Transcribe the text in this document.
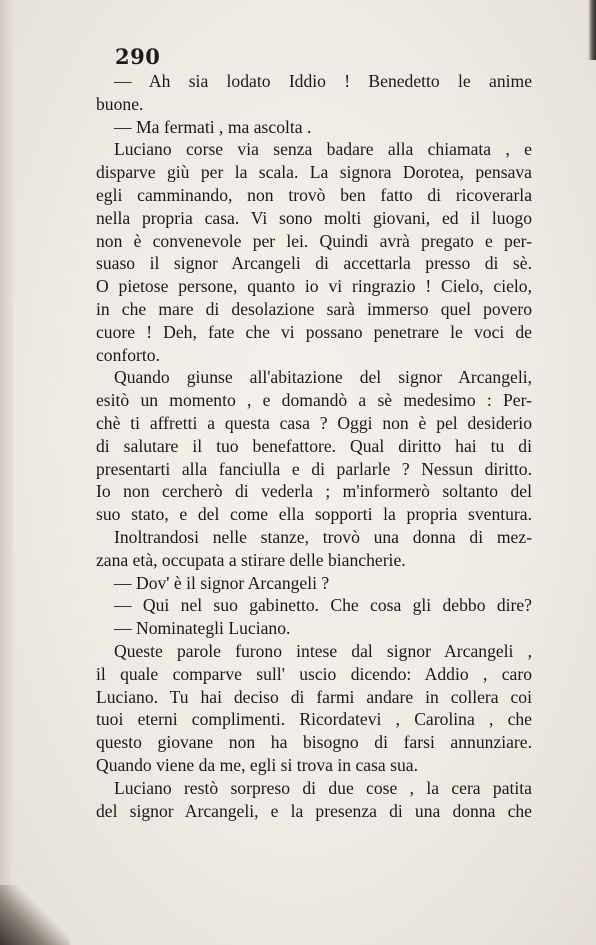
290
— Ah sia lodato Iddio ! Benedetto le anime
buone.
— Ma fermati , ma ascolta .
Luciano corse via senza badare alla chiamata , e
disparve giù per la scala. La signora Dorotea, pensava
egli camminando, non trovò ben fatto di ricoverarla
nella propria casa. Vi sono molti giovani, ed il luogo
non è convenevole per lei. Quindi avrà pregato e per-
suaso il signor Arcangeli di accettarla presso di sè.
O pietose persone, quanto io vi ringrazio ! Cielo, cielo,
in che mare di desolazione sarà immerso quel povero
cuore ! Deh, fate che vi possano penetrare le voci de
conforto.
Quando giunse all'abitazione del signor Arcangeli,
esitò un momento , e domandò a sè medesimo : Per-
chè ti affretti a questa casa ? Oggi non è pel desiderio
di salutare il tuo benefattore. Qual diritto hai tu di
presentarti alla fanciulla e di parlarle ? Nessun diritto.
Io non cercherò di vederla ; m'informerò soltanto del
suo stato, e del come ella sopporti la propria sventura.
Inoltrandosi nelle stanze, trovò una donna di mez-
zana età, occupata a stirare delle biancherie.
— Dov' è il signor Arcangeli ?
— Qui nel suo gabinetto. Che cosa gli debbo dire?
— Nominategli Luciano.
Queste parole furono intese dal signor Arcangeli ,
il quale comparve sull' uscio dicendo: Addio , caro
Luciano. Tu hai deciso di farmi andare in collera coi
tuoi eterni complimenti. Ricordatevi , Carolina , che
questo giovane non ha bisogno di farsi annunziare.
Quando viene da me, egli si trova in casa sua.
Luciano restò sorpreso di due cose , la cera patita
del signor Arcangeli, e la presenza di una donna che
